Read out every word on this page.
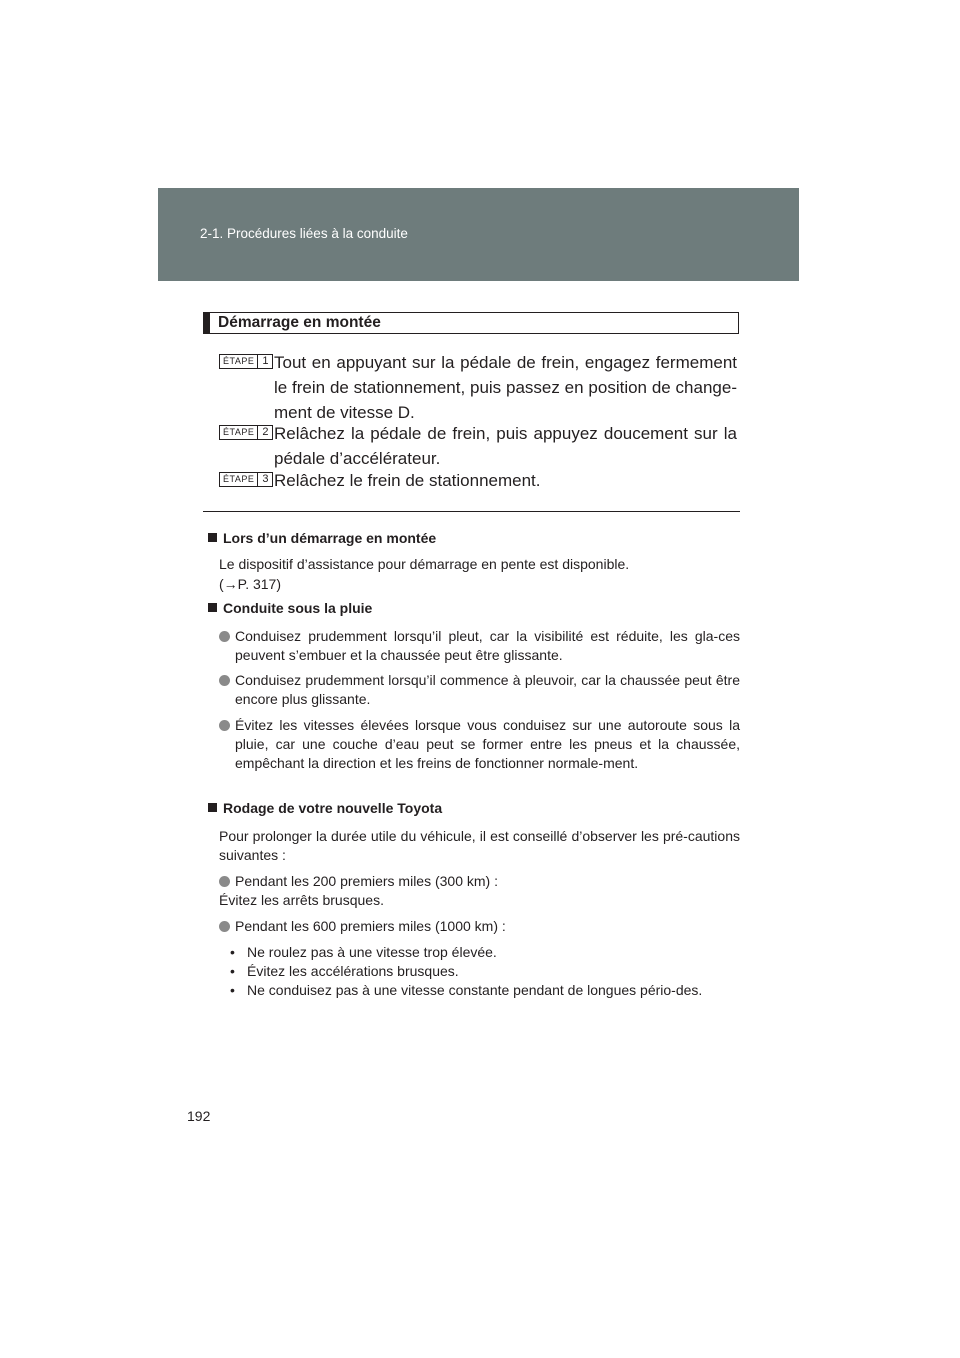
2-1. Procédures liées à la conduite
Démarrage en montée
ÉTAPE 1 Tout en appuyant sur la pédale de frein, engagez fermement le frein de stationnement, puis passez en position de change-ment de vitesse D.
ÉTAPE 2 Relâchez la pédale de frein, puis appuyez doucement sur la pédale d’accélérateur.
ÉTAPE 3 Relâchez le frein de stationnement.
Lors d’un démarrage en montée
Le dispositif d’assistance pour démarrage en pente est disponible.
(→P. 317)
Conduite sous la pluie
Conduisez prudemment lorsqu’il pleut, car la visibilité est réduite, les gla-ces peuvent s’embuer et la chaussée peut être glissante.
Conduisez prudemment lorsqu’il commence à pleuvoir, car la chaussée peut être encore plus glissante.
Évitez les vitesses élevées lorsque vous conduisez sur une autoroute sous la pluie, car une couche d’eau peut se former entre les pneus et la chaussée, empêchant la direction et les freins de fonctionner normale-ment.
Rodage de votre nouvelle Toyota
Pour prolonger la durée utile du véhicule, il est conseillé d’observer les pré-cautions suivantes :
Pendant les 200 premiers miles (300 km) :
Évitez les arrêts brusques.
Pendant les 600 premiers miles (1000 km) :
• Ne roulez pas à une vitesse trop élevée.
• Évitez les accélérations brusques.
• Ne conduisez pas à une vitesse constante pendant de longues pério-des.
192
